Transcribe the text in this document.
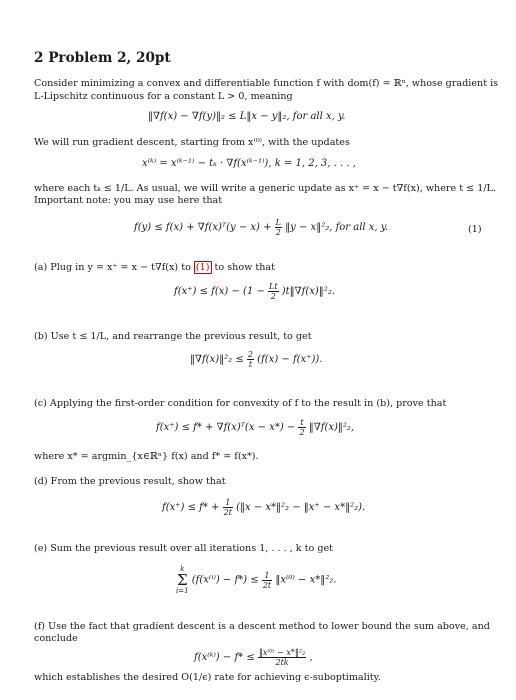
2 Problem 2, 20pt
Consider minimizing a convex and differentiable function f with dom(f) = ℝⁿ, whose gradient is
L-Lipschitz continuous for a constant L > 0, meaning
‖∇f(x) − ∇f(y)‖₂ ≤ L‖x − y‖₂, for all x, y.
We will run gradient descent, starting from x⁽⁰⁾, with the updates
x⁽ᵏ⁾ = x⁽ᵏ⁻¹⁾ − tₖ · ∇f(x⁽ᵏ⁻¹⁾), k = 1, 2, 3, . . . ,
where each tₖ ≤ 1/L. As usual, we will write a generic update as x⁺ = x − t∇f(x), where t ≤ 1/L.
Important note: you may use here that
f(y) ≤ f(x) + ∇f(x)ᵀ(y − $x) + \frac{L}{2}$ ‖y − x‖²₂, for all x, y.	(1)
(a) Plug in y = x⁺ = x − t∇f(x) to (1) to show that
$f(x^+) \le f(x) - (1 - \frac{Lt}{2}$ )t‖∇f(x)‖²₂.
(b) Use t ≤ 1/L, and rearrange the previous result, to get
‖∇f(x)‖²₂ ≤ $\frac{2}{t} (f(x) - f(x^+))$.
(c) Applying the first-order condition for convexity of f to the result in (b), prove that
f(x⁺) ≤ f* + ∇f(x)ᵀ(x − $x*) - \frac{t}{2}$ ‖∇f(x)‖²₂,
where x* = argmin_{x∈ℝⁿ} f(x) and f* = f(x*).
(d) From the previous result, show that
$f(x^+) \le f* + \frac{1}{2t}$ (‖x − x*‖²₂ − ‖x⁺ − x*‖²₂).
(e) Sum the previous result over all iterations 1, . . . , k to get
k
Σ
i=1 $(f(x^{(i)}) - f*) \le \frac{1}{2t}$ ‖x⁽⁰⁾ − x*‖²₂.
(f) Use the fact that gradient descent is a descent method to lower bound the sum above, and
conclude
f(x⁽ᵏ⁾) − $f* \le \frac{\text{‖x⁽⁰⁾ − x*‖²₂}}{2tk}$ ,
which establishes the desired O(1/ϵ) rate for achieving ϵ-suboptimality.
